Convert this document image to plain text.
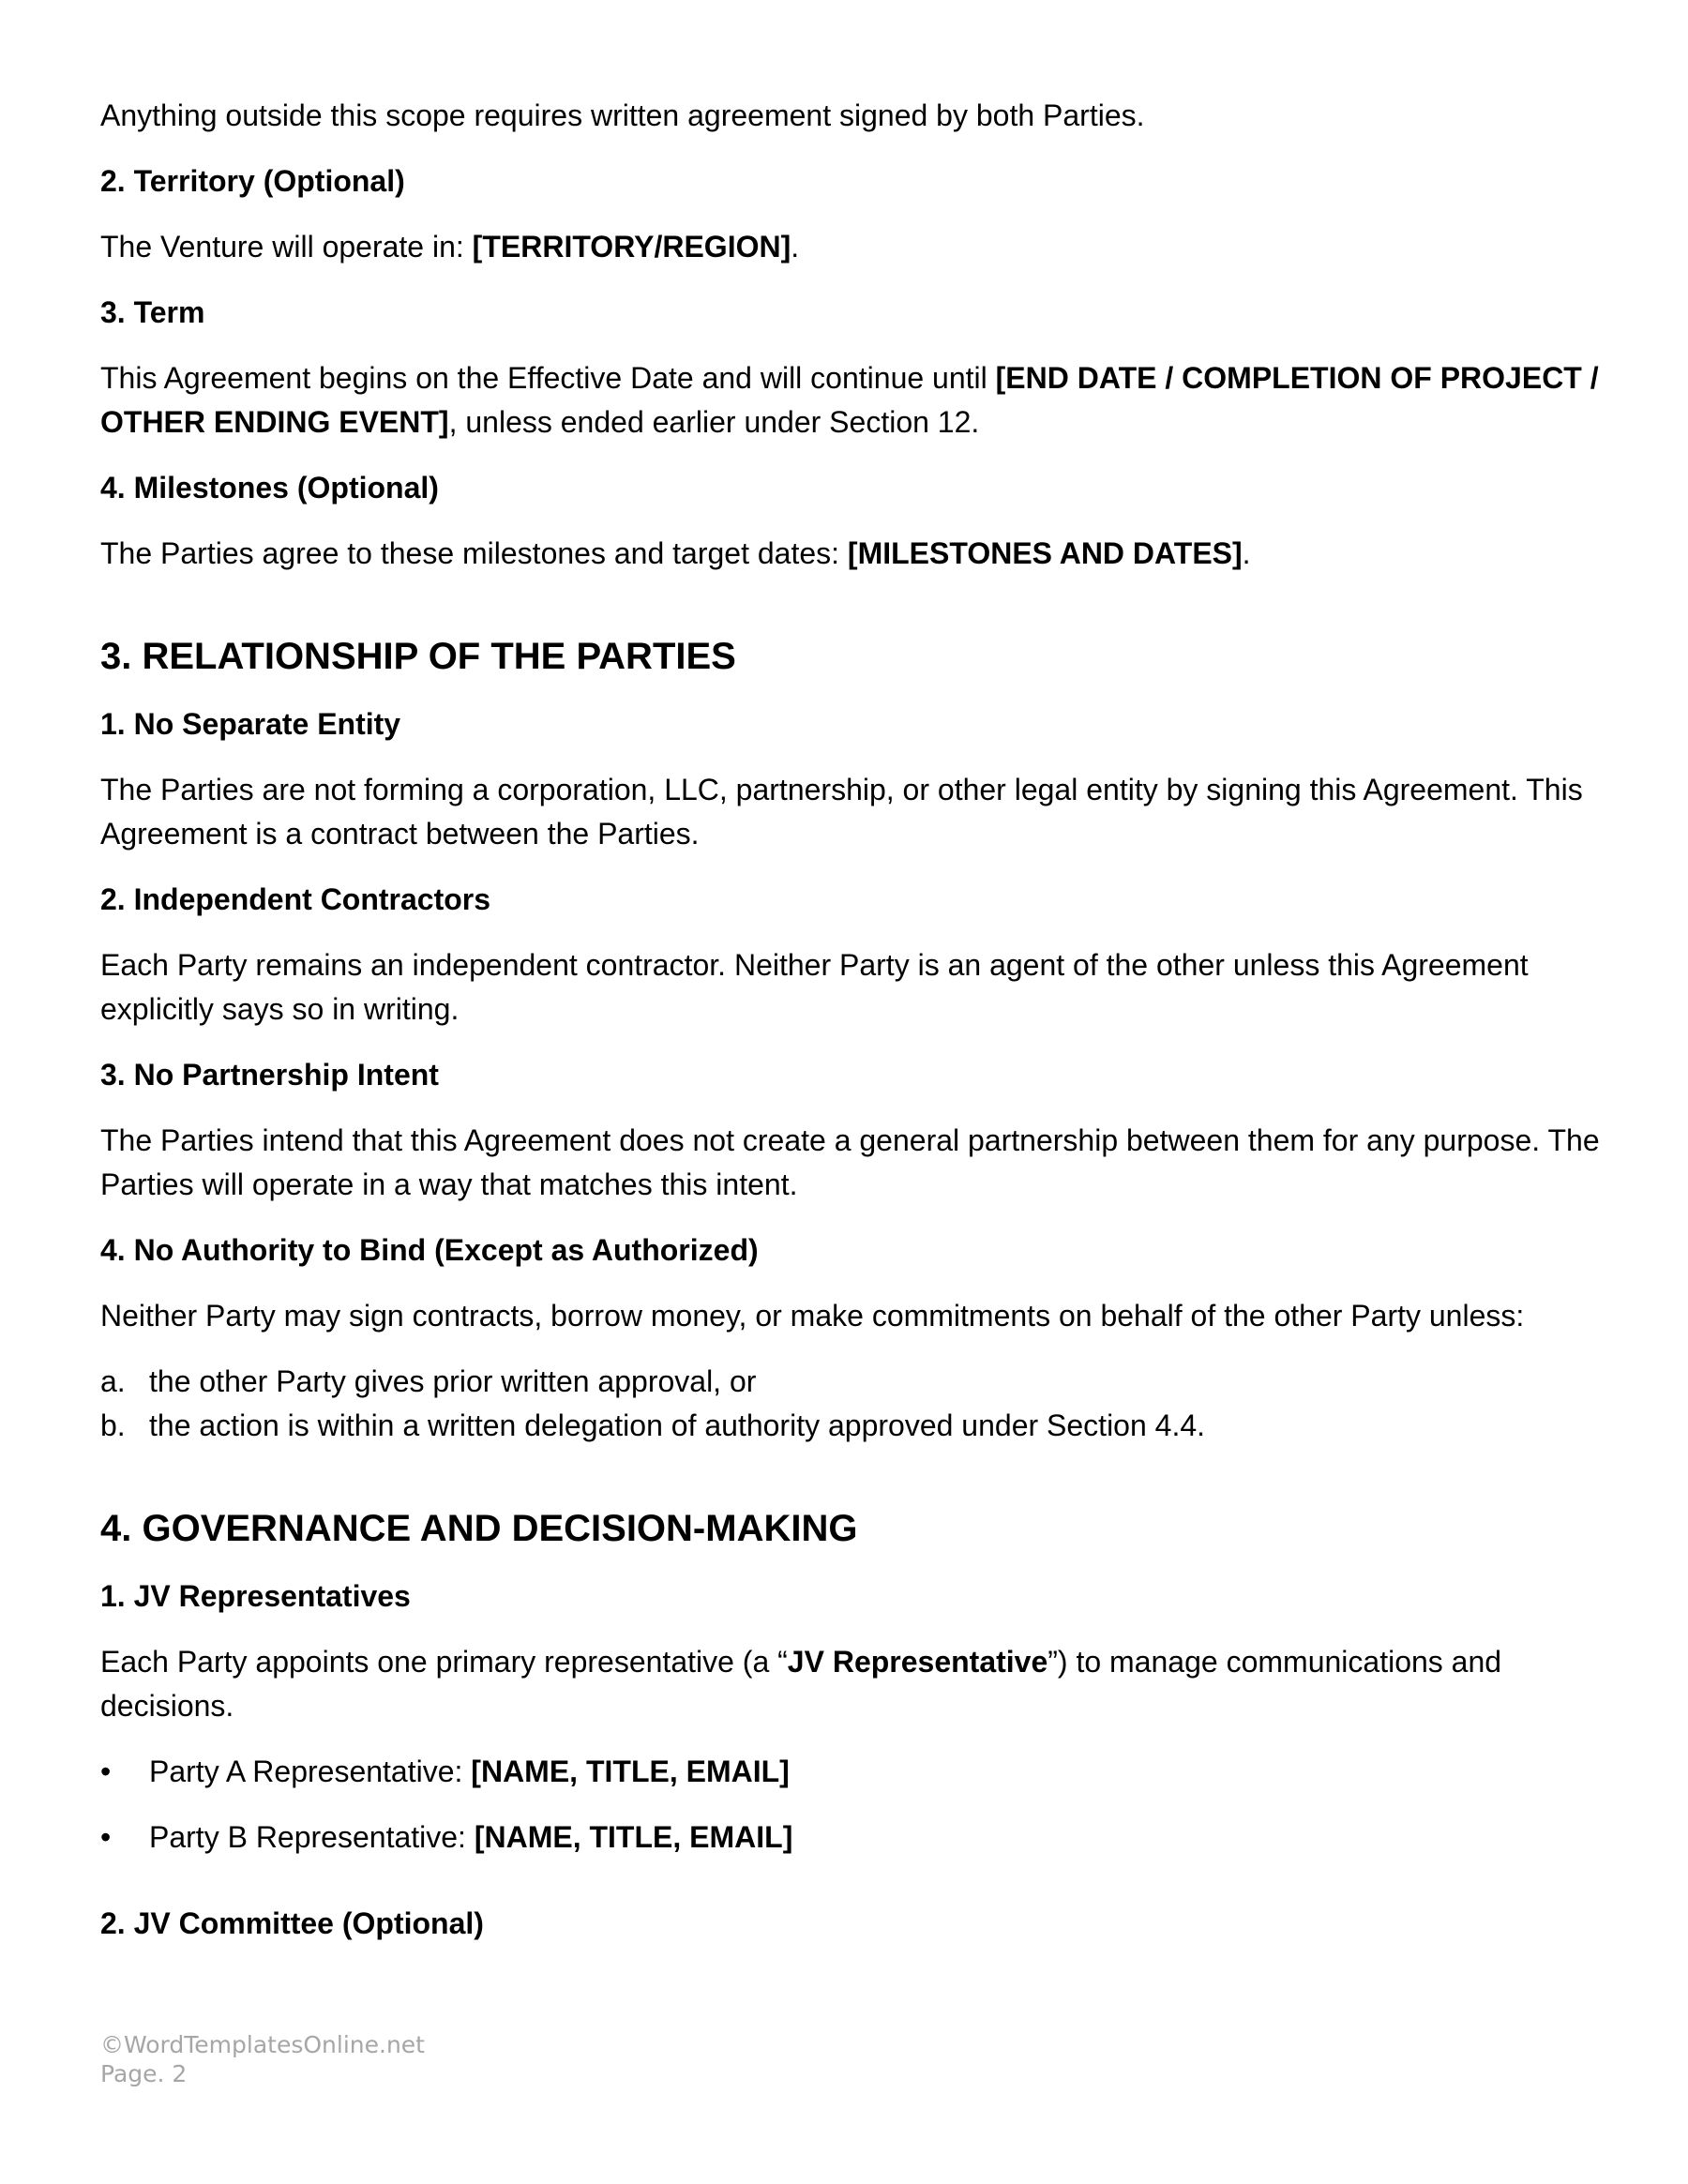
Anything outside this scope requires written agreement signed by both Parties.

2. Territory (Optional)

The Venture will operate in: [TERRITORY/REGION].

3. Term

This Agreement begins on the Effective Date and will continue until [END DATE / COMPLETION OF PROJECT / OTHER ENDING EVENT], unless ended earlier under Section 12.

4. Milestones (Optional)

The Parties agree to these milestones and target dates: [MILESTONES AND DATES].

3. RELATIONSHIP OF THE PARTIES

1. No Separate Entity

The Parties are not forming a corporation, LLC, partnership, or other legal entity by signing this Agreement. This Agreement is a contract between the Parties.

2. Independent Contractors

Each Party remains an independent contractor. Neither Party is an agent of the other unless this Agreement explicitly says so in writing.

3. No Partnership Intent

The Parties intend that this Agreement does not create a general partnership between them for any purpose. The Parties will operate in a way that matches this intent.

4. No Authority to Bind (Except as Authorized)

Neither Party may sign contracts, borrow money, or make commitments on behalf of the other Party unless:

a. the other Party gives prior written approval, or
b. the action is within a written delegation of authority approved under Section 4.4.
4. GOVERNANCE AND DECISION-MAKING

1. JV Representatives

Each Party appoints one primary representative (a “JV Representative”) to manage communications and decisions.

•	Party A Representative: [NAME, TITLE, EMAIL]
•	Party B Representative: [NAME, TITLE, EMAIL]

2. JV Committee (Optional)

©WordTemplatesOnline.net
Page. 2
